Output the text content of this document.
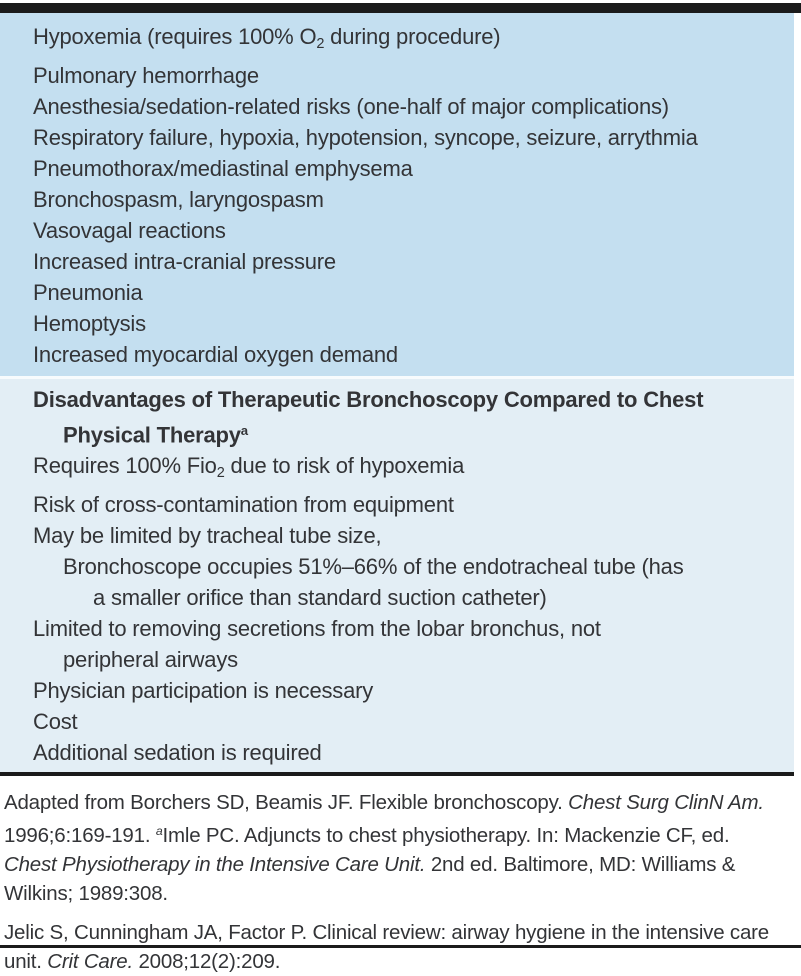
Hypoxemia (requires 100% O2 during procedure)
Pulmonary hemorrhage
Anesthesia/sedation-related risks (one-half of major complications)
Respiratory failure, hypoxia, hypotension, syncope, seizure, arrythmia
Pneumothorax/mediastinal emphysema
Bronchospasm, laryngospasm
Vasovagal reactions
Increased intra-cranial pressure
Pneumonia
Hemoptysis
Increased myocardial oxygen demand
Disadvantages of Therapeutic Bronchoscopy Compared to Chest
Physical Therapy$^a$
Requires 100% Fio2 due to risk of hypoxemia
Risk of cross-contamination from equipment
May be limited by tracheal tube size,
Bronchoscope occupies 51%–66% of the endotracheal tube (has
a smaller orifice than standard suction catheter)
Limited to removing secretions from the lobar bronchus, not
peripheral airways
Physician participation is necessary
Cost
Additional sedation is required
Adapted from Borchers SD, Beamis JF. Flexible bronchoscopy. Chest Surg ClinN Am.
1996;6:169-191. $^a$Imle PC. Adjuncts to chest physiotherapy. In: Mackenzie CF, ed.
Chest Physiotherapy in the Intensive Care Unit. 2nd ed. Baltimore, MD: Williams &
Wilkins; 1989:308.
Jelic S, Cunningham JA, Factor P. Clinical review: airway hygiene in the intensive care
unit. Crit Care. 2008;12(2):209.
